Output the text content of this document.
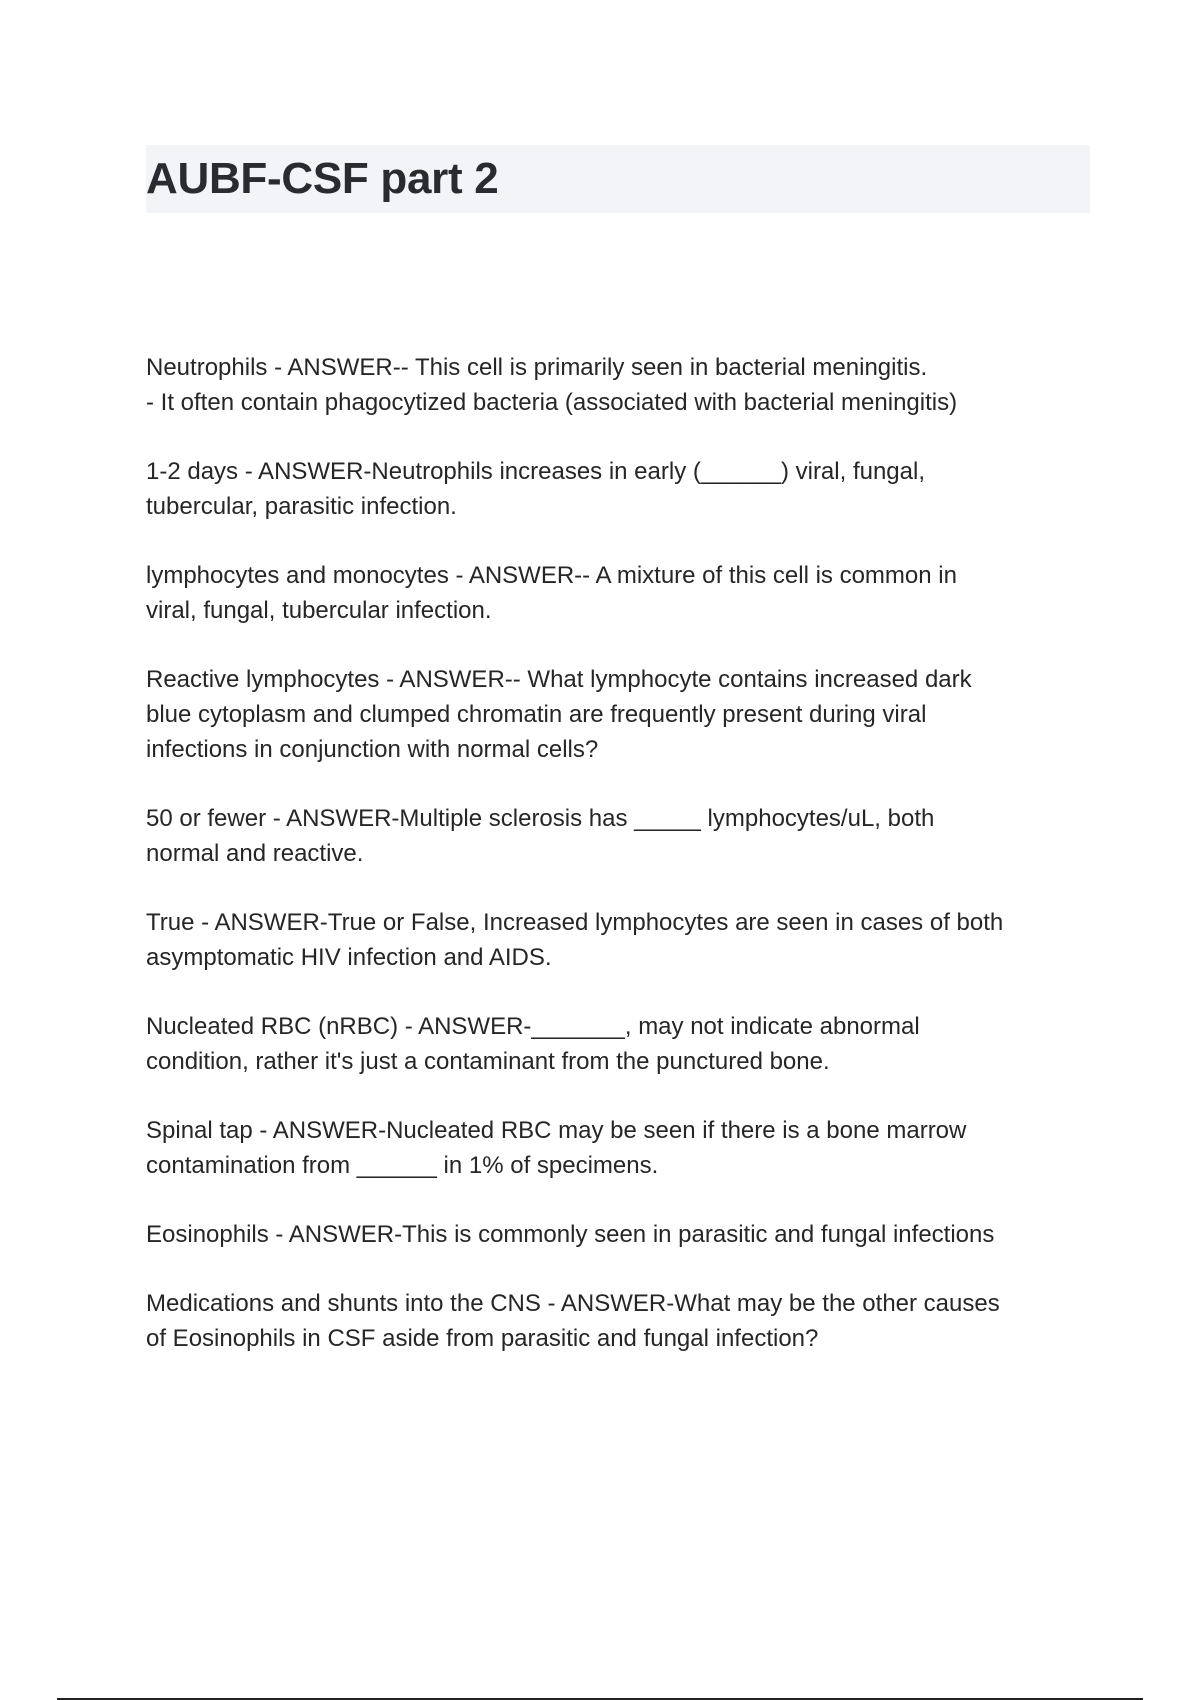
AUBF-CSF part 2
Neutrophils - ANSWER-- This cell is primarily seen in bacterial meningitis.
- It often contain phagocytized bacteria (associated with bacterial meningitis)
1-2 days - ANSWER-Neutrophils increases in early (______) viral, fungal,
tubercular, parasitic infection.
lymphocytes and monocytes - ANSWER-- A mixture of this cell is common in
viral, fungal, tubercular infection.
Reactive lymphocytes - ANSWER-- What lymphocyte contains increased dark
blue cytoplasm and clumped chromatin are frequently present during viral
infections in conjunction with normal cells?
50 or fewer - ANSWER-Multiple sclerosis has _____ lymphocytes/uL, both
normal and reactive.
True - ANSWER-True or False, Increased lymphocytes are seen in cases of both
asymptomatic HIV infection and AIDS.
Nucleated RBC (nRBC) - ANSWER-_______, may not indicate abnormal
condition, rather it's just a contaminant from the punctured bone.
Spinal tap - ANSWER-Nucleated RBC may be seen if there is a bone marrow
contamination from ______ in 1% of specimens.
Eosinophils - ANSWER-This is commonly seen in parasitic and fungal infections
Medications and shunts into the CNS - ANSWER-What may be the other causes
of Eosinophils in CSF aside from parasitic and fungal infection?
